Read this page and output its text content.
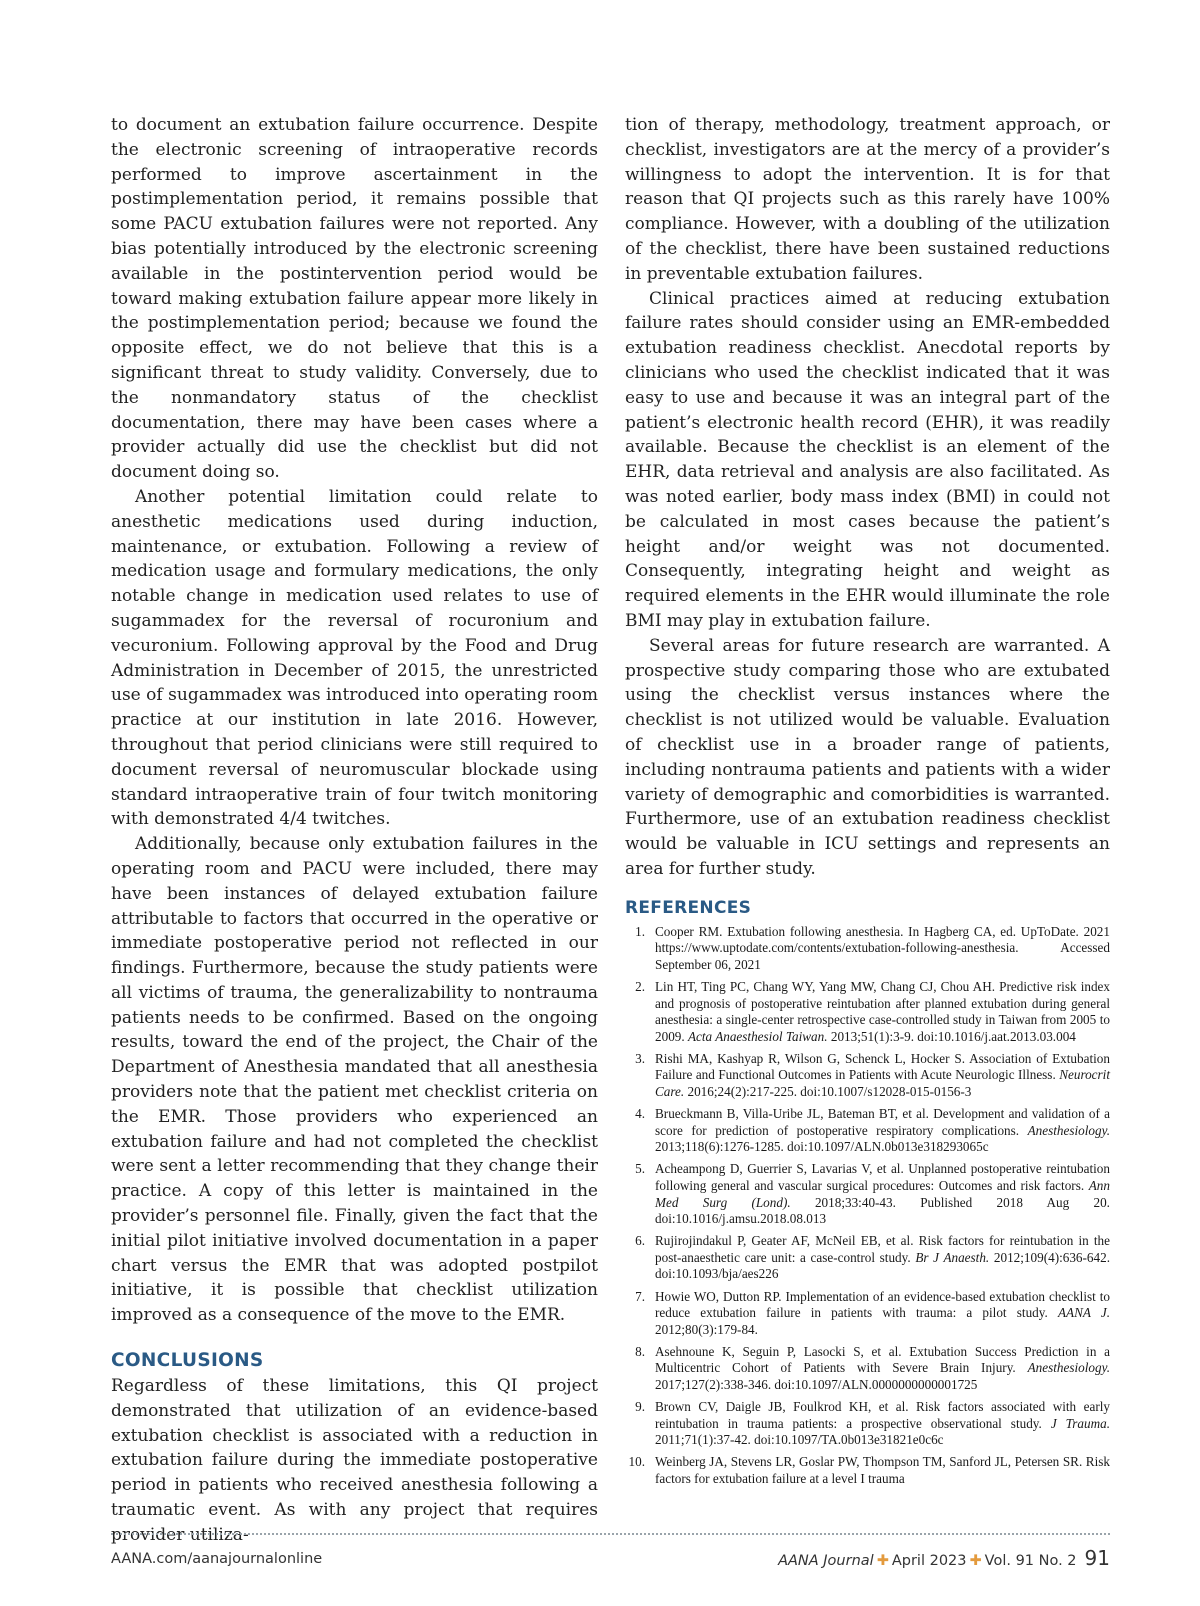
to document an extubation failure occurrence. Despite the electronic screening of intraoperative records performed to improve ascertainment in the postimplementation period, it remains possible that some PACU extubation failures were not reported. Any bias potentially introduced by the electronic screening available in the postintervention period would be toward making extubation failure appear more likely in the postimplementation period; because we found the opposite effect, we do not believe that this is a significant threat to study validity. Conversely, due to the nonmandatory status of the checklist documentation, there may have been cases where a provider actually did use the checklist but did not document doing so.

Another potential limitation could relate to anesthetic medications used during induction, maintenance, or extubation. Following a review of medication usage and formulary medications, the only notable change in medication used relates to use of sugammadex for the reversal of rocuronium and vecuronium. Following approval by the Food and Drug Administration in December of 2015, the unrestricted use of sugammadex was introduced into operating room practice at our institution in late 2016. However, throughout that period clinicians were still required to document reversal of neuromuscular blockade using standard intraoperative train of four twitch monitoring with demonstrated 4/4 twitches.

Additionally, because only extubation failures in the operating room and PACU were included, there may have been instances of delayed extubation failure attributable to factors that occurred in the operative or immediate postoperative period not reflected in our findings. Furthermore, because the study patients were all victims of trauma, the generalizability to nontrauma patients needs to be confirmed. Based on the ongoing results, toward the end of the project, the Chair of the Department of Anesthesia mandated that all anesthesia providers note that the patient met checklist criteria on the EMR. Those providers who experienced an extubation failure and had not completed the checklist were sent a letter recommending that they change their practice. A copy of this letter is maintained in the provider’s personnel file. Finally, given the fact that the initial pilot initiative involved documentation in a paper chart versus the EMR that was adopted postpilot initiative, it is possible that checklist utilization improved as a consequence of the move to the EMR.

CONCLUSIONS

Regardless of these limitations, this QI project demonstrated that utilization of an evidence-based extubation checklist is associated with a reduction in extubation failure during the immediate postoperative period in patients who received anesthesia following a traumatic event. As with any project that requires provider utiliza-

tion of therapy, methodology, treatment approach, or checklist, investigators are at the mercy of a provider’s willingness to adopt the intervention. It is for that reason that QI projects such as this rarely have 100% compliance. However, with a doubling of the utilization of the checklist, there have been sustained reductions in preventable extubation failures.

Clinical practices aimed at reducing extubation failure rates should consider using an EMR-embedded extubation readiness checklist. Anecdotal reports by clinicians who used the checklist indicated that it was easy to use and because it was an integral part of the patient’s electronic health record (EHR), it was readily available. Because the checklist is an element of the EHR, data retrieval and analysis are also facilitated. As was noted earlier, body mass index (BMI) in could not be calculated in most cases because the patient’s height and/or weight was not documented. Consequently, integrating height and weight as required elements in the EHR would illuminate the role BMI may play in extubation failure.

Several areas for future research are warranted. A prospective study comparing those who are extubated using the checklist versus instances where the checklist is not utilized would be valuable. Evaluation of checklist use in a broader range of patients, including nontrauma patients and patients with a wider variety of demographic and comorbidities is warranted. Furthermore, use of an extubation readiness checklist would be valuable in ICU settings and represents an area for further study.

REFERENCES
1. Cooper RM. Extubation following anesthesia. In Hagberg CA, ed. UpToDate. 2021 https://www.uptodate.com/contents/extubation-following-anesthesia. Accessed September 06, 2021
2. Lin HT, Ting PC, Chang WY, Yang MW, Chang CJ, Chou AH. Predictive risk index and prognosis of postoperative reintubation after planned extubation during general anesthesia: a single-center retrospective case-controlled study in Taiwan from 2005 to 2009. Acta Anaesthesiol Taiwan. 2013;51(1):3-9. doi:10.1016/j.aat.2013.03.004
3. Rishi MA, Kashyap R, Wilson G, Schenck L, Hocker S. Association of Extubation Failure and Functional Outcomes in Patients with Acute Neurologic Illness. Neurocrit Care. 2016;24(2):217-225. doi:10.1007/s12028-015-0156-3
4. Brueckmann B, Villa-Uribe JL, Bateman BT, et al. Development and validation of a score for prediction of postoperative respiratory complications. Anesthesiology. 2013;118(6):1276-1285. doi:10.1097/ALN.0b013e318293065c
5. Acheampong D, Guerrier S, Lavarias V, et al. Unplanned postoperative reintubation following general and vascular surgical procedures: Outcomes and risk factors. Ann Med Surg (Lond). 2018;33:40-43. Published 2018 Aug 20. doi:10.1016/j.amsu.2018.08.013
6. Rujirojindakul P, Geater AF, McNeil EB, et al. Risk factors for reintubation in the post-anaesthetic care unit: a case-control study. Br J Anaesth. 2012;109(4):636-642. doi:10.1093/bja/aes226
7. Howie WO, Dutton RP. Implementation of an evidence-based extubation checklist to reduce extubation failure in patients with trauma: a pilot study. AANA J. 2012;80(3):179-84.
8. Asehnoune K, Seguin P, Lasocki S, et al. Extubation Success Prediction in a Multicentric Cohort of Patients with Severe Brain Injury. Anesthesiology. 2017;127(2):338-346. doi:10.1097/ALN.0000000000001725
9. Brown CV, Daigle JB, Foulkrod KH, et al. Risk factors associated with early reintubation in trauma patients: a prospective observational study. J Trauma. 2011;71(1):37-42. doi:10.1097/TA.0b013e31821e0c6c
10. Weinberg JA, Stevens LR, Goslar PW, Thompson TM, Sanford JL, Petersen SR. Risk factors for extubation failure at a level I trauma
AANA.com/aanajournalonline	AANA Journal ✚ April 2023 ✚ Vol. 91 No. 2 91
